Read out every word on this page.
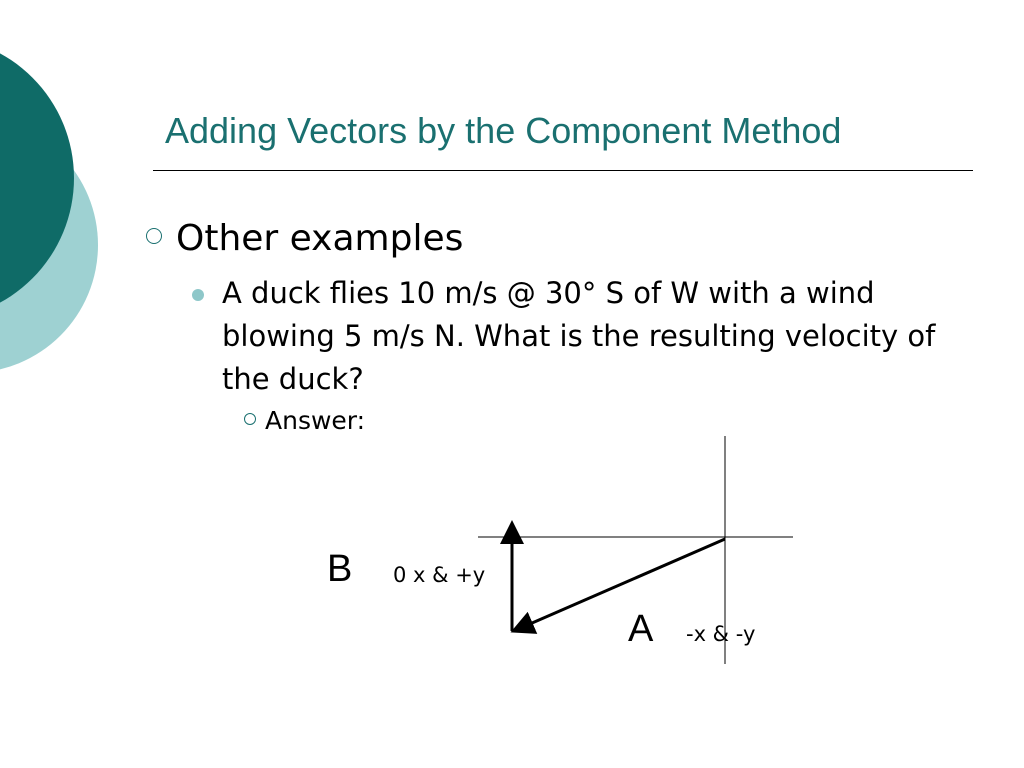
Adding Vectors by the Component Method
Other examples
A duck flies 10 m/s @ 30° S of W with a wind blowing 5 m/s N. What is the resulting velocity of the duck?
Answer:
B 0 x & +y
A -x & -y
